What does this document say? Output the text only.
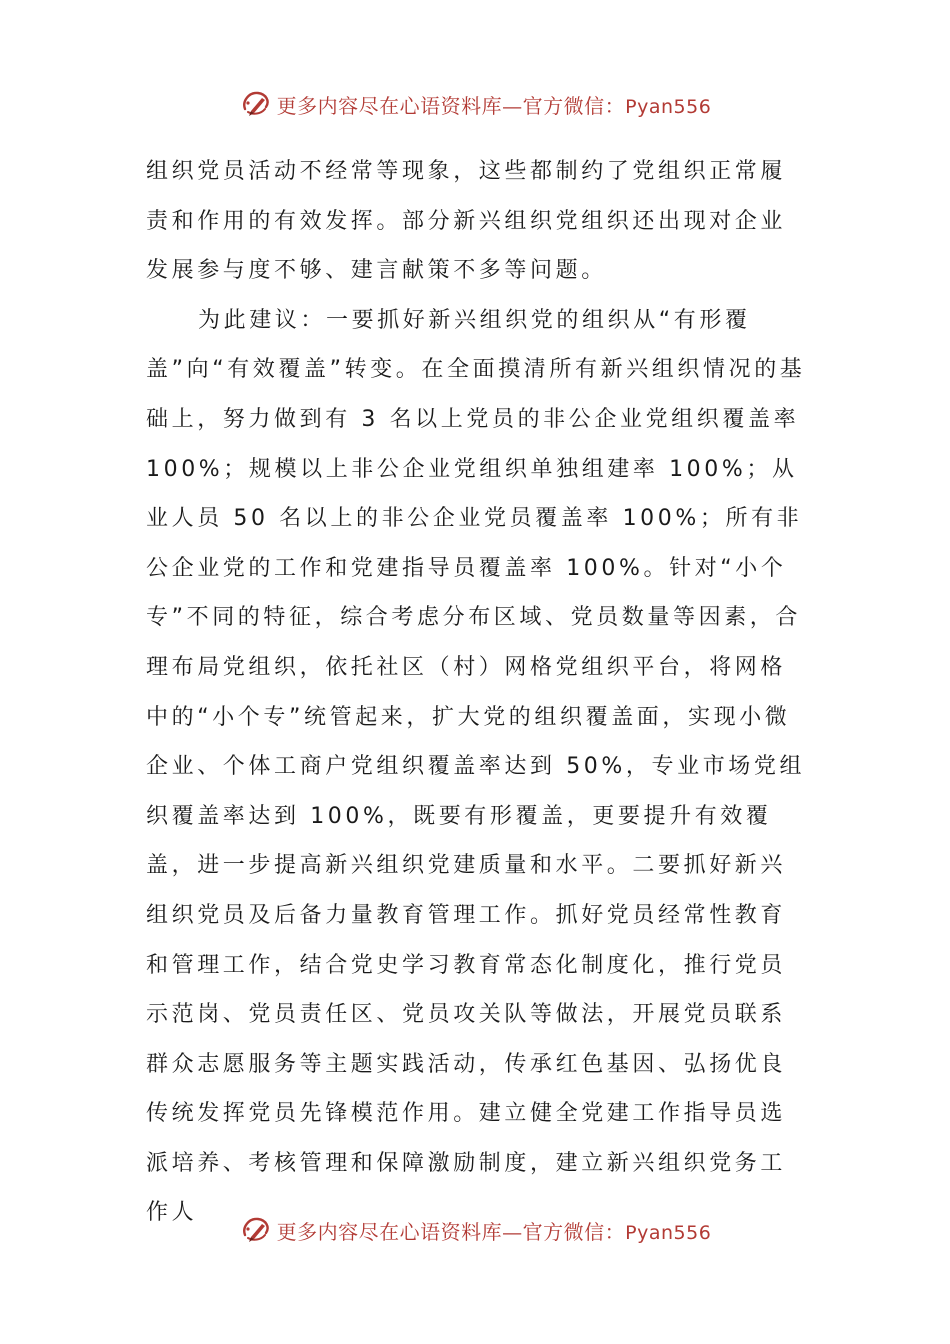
更多内容尽在心语资料库—官方微信：Pyan556

组织党员活动不经常等现象，这些都制约了党组织正常履责和作用的有效发挥。部分新兴组织党组织还出现对企业发展参与度不够、建言献策不多等问题。

为此建议：一要抓好新兴组织党的组织从“有形覆盖”向“有效覆盖”转变。在全面摸清所有新兴组织情况的基础上，努力做到有 3 名以上党员的非公企业党组织覆盖率 100%；规模以上非公企业党组织单独组建率 100%；从业人员 50 名以上的非公企业党员覆盖率 100%；所有非公企业党的工作和党建指导员覆盖率 100%。针对“小个专”不同的特征，综合考虑分布区域、党员数量等因素，合理布局党组织，依托社区（村）网格党组织平台，将网格中的“小个专”统管起来，扩大党的组织覆盖面，实现小微企业、个体工商户党组织覆盖率达到 50%，专业市场党组织覆盖率达到 100%，既要有形覆盖，更要提升有效覆盖，进一步提高新兴组织党建质量和水平。二要抓好新兴组织党员及后备力量教育管理工作。抓好党员经常性教育和管理工作，结合党史学习教育常态化制度化，推行党员示范岗、党员责任区、党员攻关队等做法，开展党员联系群众志愿服务等主题实践活动，传承红色基因、弘扬优良传统发挥党员先锋模范作用。建立健全党建工作指导员选派培养、考核管理和保障激励制度，建立新兴组织党务工作人

更多内容尽在心语资料库—官方微信：Pyan556
